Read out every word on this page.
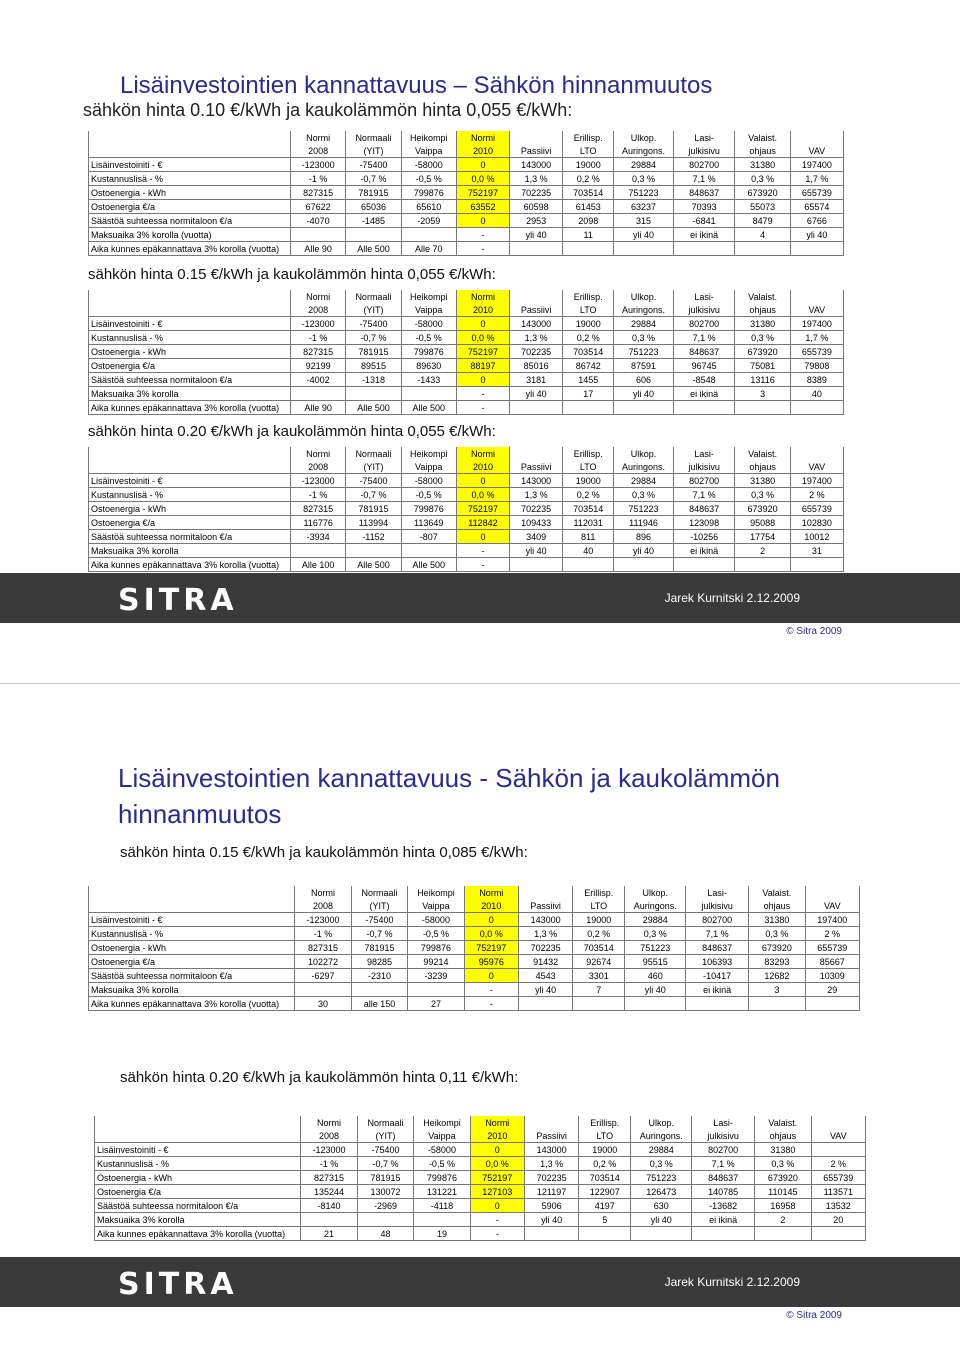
Lisäinvestointien kannattavuus – Sähkön hinnanmuutos
sähkön hinta 0.10 €/kWh ja kaukolämmön hinta 0,055 €/kWh:
	Normi	Normaali	Heikompi	Normi		Erillisp.	Ulkop.	Lasi-	Valaist.	
	2008	(YIT)	Vaippa	2010	Passiivi	LTO	Auringons.	julkisivu	ohjaus	VAV
Lisäinvestoiniti - €	-123000	-75400	-58000	0	143000	19000	29884	802700	31380	197400
Kustannuslisä - %	-1 %	-0,7 %	-0,5 %	0,0 %	1,3 %	0,2 %	0,3 %	7,1 %	0,3 %	1,7 %
Ostoenergia - kWh	827315	781915	799876	752197	702235	703514	751223	848637	673920	655739
Ostoenergia €/a	67622	65036	65610	63552	60598	61453	63237	70393	55073	65574
Säästöä suhteessa normitaloon €/a	-4070	-1485	-2059	0	2953	2098	315	-6841	8479	6766
Maksuaika 3% korolla (vuotta)				-	yli 40	11	yli 40	ei ikinä	4	yli 40
Aika kunnes epäkannattava 3% korolla (vuotta)	Alle 90	Alle 500	Alle 70	-						
sähkön hinta 0.15 €/kWh ja kaukolämmön hinta 0,055 €/kWh:
	Normi	Normaali	Heikompi	Normi		Erillisp.	Ulkop.	Lasi-	Valaist.	
	2008	(YIT)	Vaippa	2010	Passiivi	LTO	Auringons.	julkisivu	ohjaus	VAV
Lisäinvestoiniti - €	-123000	-75400	-58000	0	143000	19000	29884	802700	31380	197400
Kustannuslisä - %	-1 %	-0,7 %	-0,5 %	0,0 %	1,3 %	0,2 %	0,3 %	7,1 %	0,3 %	1,7 %
Ostoenergia - kWh	827315	781915	799876	752197	702235	703514	751223	848637	673920	655739
Ostoenergia €/a	92199	89515	89630	88197	85016	86742	87591	96745	75081	79808
Säästöä suhteessa normitaloon €/a	-4002	-1318	-1433	0	3181	1455	606	-8548	13116	8389
Maksuaika 3% korolla				-	yli 40	17	yli 40	ei ikinä	3	40
Aika kunnes epäkannattava 3% korolla (vuotta)	Alle 90	Alle 500	Alle 500	-						
sähkön hinta 0.20 €/kWh ja kaukolämmön hinta 0,055 €/kWh:
	Normi	Normaali	Heikompi	Normi		Erillisp.	Ulkop.	Lasi-	Valaist.	
	2008	(YIT)	Vaippa	2010	Passiivi	LTO	Auringons.	julkisivu	ohjaus	VAV
Lisäinvestoiniti - €	-123000	-75400	-58000	0	143000	19000	29884	802700	31380	197400
Kustannuslisä - %	-1 %	-0,7 %	-0,5 %	0,0 %	1,3 %	0,2 %	0,3 %	7,1 %	0,3 %	2 %
Ostoenergia - kWh	827315	781915	799876	752197	702235	703514	751223	848637	673920	655739
Ostoenergia €/a	116776	113994	113649	112842	109433	112031	111946	123098	95088	102830
Säästöä suhteessa normitaloon €/a	-3934	-1152	-807	0	3409	811	896	-10256	17754	10012
Maksuaika 3% korolla				-	yli 40	40	yli 40	ei ikinä	2	31
Aika kunnes epäkannattava 3% korolla (vuotta)	Alle 100	Alle 500	Alle 500	-						
SITRA	Jarek Kurnitski 2.12.2009
© Sitra 2009
Lisäinvestointien kannattavuus - Sähkön ja kaukolämmön hinnanmuutos
sähkön hinta 0.15 €/kWh ja kaukolämmön hinta 0,085 €/kWh:
	Normi	Normaali	Heikompi	Normi		Erillisp.	Ulkop.	Lasi-	Valaist.	
	2008	(YIT)	Vaippa	2010	Passiivi	LTO	Auringons.	julkisivu	ohjaus	VAV
Lisäinvestoiniti - €	-123000	-75400	-58000	0	143000	19000	29884	802700	31380	197400
Kustannuslisä - %	-1 %	-0,7 %	-0,5 %	0,0 %	1,3 %	0,2 %	0,3 %	7,1 %	0,3 %	2 %
Ostoenergia - kWh	827315	781915	799876	752197	702235	703514	751223	848637	673920	655739
Ostoenergia €/a	102272	98285	99214	95976	91432	92674	95515	106393	83293	85667
Säästöä suhteessa normitaloon €/a	-6297	-2310	-3239	0	4543	3301	460	-10417	12682	10309
Maksuaika 3% korolla				-	yli 40	7	yli 40	ei ikinä	3	29
Aika kunnes epäkannattava 3% korolla (vuotta)	30	alle 150	27	-						
sähkön hinta 0.20 €/kWh ja kaukolämmön hinta 0,11 €/kWh:
	Normi	Normaali	Heikompi	Normi		Erillisp.	Ulkop.	Lasi-	Valaist.	
	2008	(YIT)	Vaippa	2010	Passiivi	LTO	Auringons.	julkisivu	ohjaus	VAV
Lisäinvestoiniti - €	-123000	-75400	-58000	0	143000	19000	29884	802700	31380	
Kustannuslisä - %	-1 %	-0,7 %	-0,5 %	0,0 %	1,3 %	0,2 %	0,3 %	7,1 %	0,3 %	2 %
Ostoenergia - kWh	827315	781915	799876	752197	702235	703514	751223	848637	673920	655739
Ostoenergia €/a	135244	130072	131221	127103	121197	122907	126473	140785	110145	113571
Säästöä suhteessa normitaloon €/a	-8140	-2969	-4118	0	5906	4197	630	-13682	16958	13532
Maksuaika 3% korolla				-	yli 40	5	yli 40	ei ikinä	2	20
Aika kunnes epäkannattava 3% korolla (vuotta)	21	48	19	-						
SITRA	Jarek Kurnitski 2.12.2009
© Sitra 2009
